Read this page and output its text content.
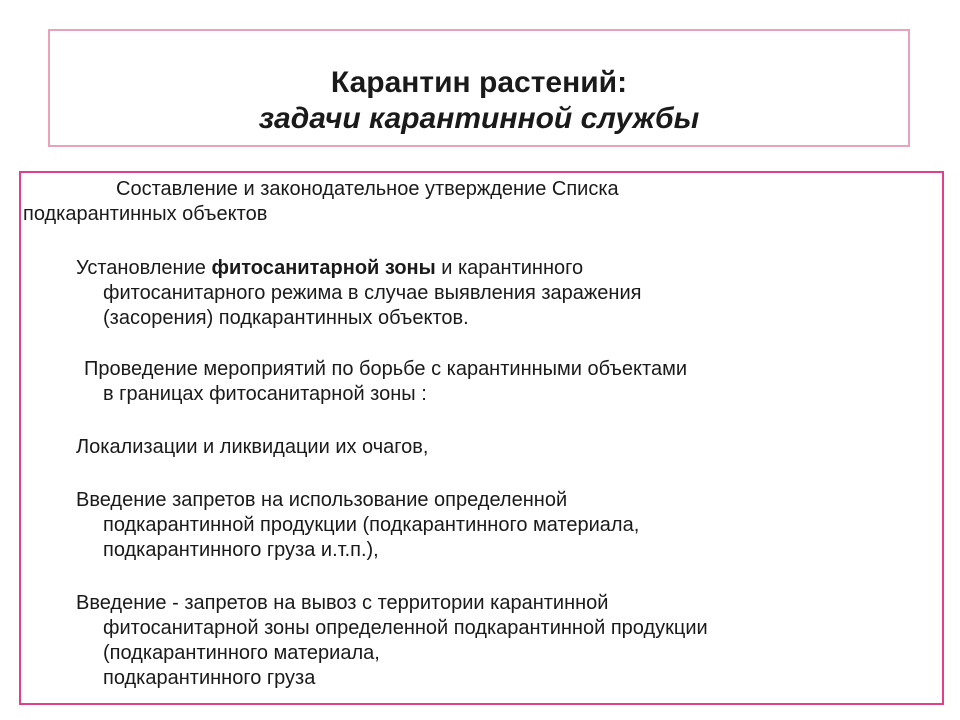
Карантин растений:
задачи карантинной службы
Составление и законодательное утверждение Списка
подкарантинных объектов
Установление фитосанитарной зоны и карантинного
фитосанитарного режима в случае выявления заражения
(засорения) подкарантинных объектов.
Проведение мероприятий по борьбе с карантинными объектами
в границах фитосанитарной зоны :
Локализации и ликвидации их очагов,
Введение запретов на использование определенной
подкарантинной продукции (подкарантинного материала,
подкарантинного груза и.т.п.),
Введение - запретов на вывоз с территории карантинной
фитосанитарной зоны определенной подкарантинной продукции
(подкарантинного материала,
подкарантинного груза
